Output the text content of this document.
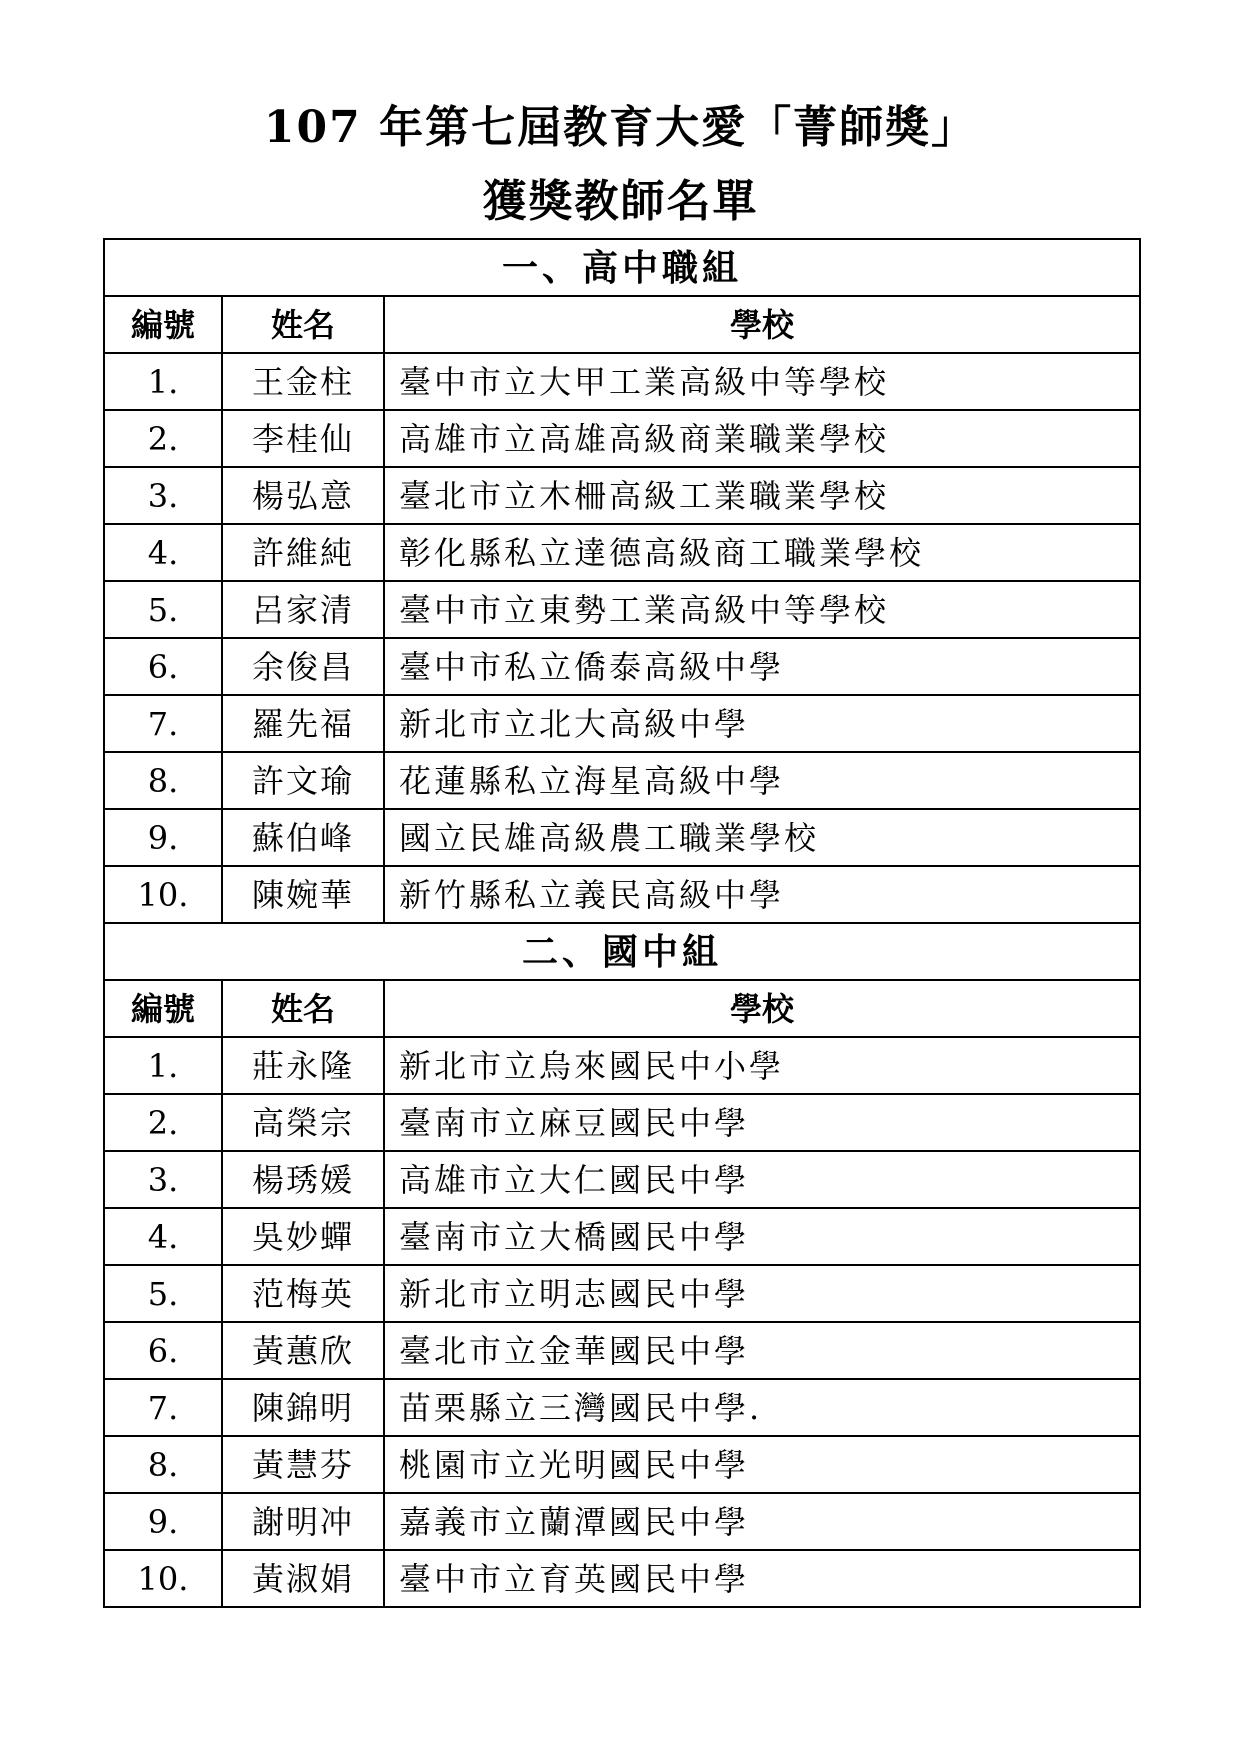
107 年第七屆教育大愛「菁師獎」
獲獎教師名單
一、高中職組		
編號	姓名	學校
1.	王金柱	臺中市立大甲工業高級中等學校
2.	李桂仙	高雄市立高雄高級商業職業學校
3.	楊弘意	臺北市立木柵高級工業職業學校
4.	許維純	彰化縣私立達德高級商工職業學校
5.	呂家清	臺中市立東勢工業高級中等學校
6.	余俊昌	臺中市私立僑泰高級中學
7.	羅先福	新北市立北大高級中學
8.	許文瑜	花蓮縣私立海星高級中學
9.	蘇伯峰	國立民雄高級農工職業學校
10.	陳婉華	新竹縣私立義民高級中學
二、國中組		
編號	姓名	學校
1.	莊永隆	新北市立烏來國民中小學
2.	高榮宗	臺南市立麻豆國民中學
3.	楊琇媛	高雄市立大仁國民中學
4.	吳妙蟬	臺南市立大橋國民中學
5.	范梅英	新北市立明志國民中學
6.	黃蕙欣	臺北市立金華國民中學
7.	陳錦明	苗栗縣立三灣國民中學.
8.	黃慧芬	桃園市立光明國民中學
9.	謝明冲	嘉義市立蘭潭國民中學
10.	黃淑娟	臺中市立育英國民中學
